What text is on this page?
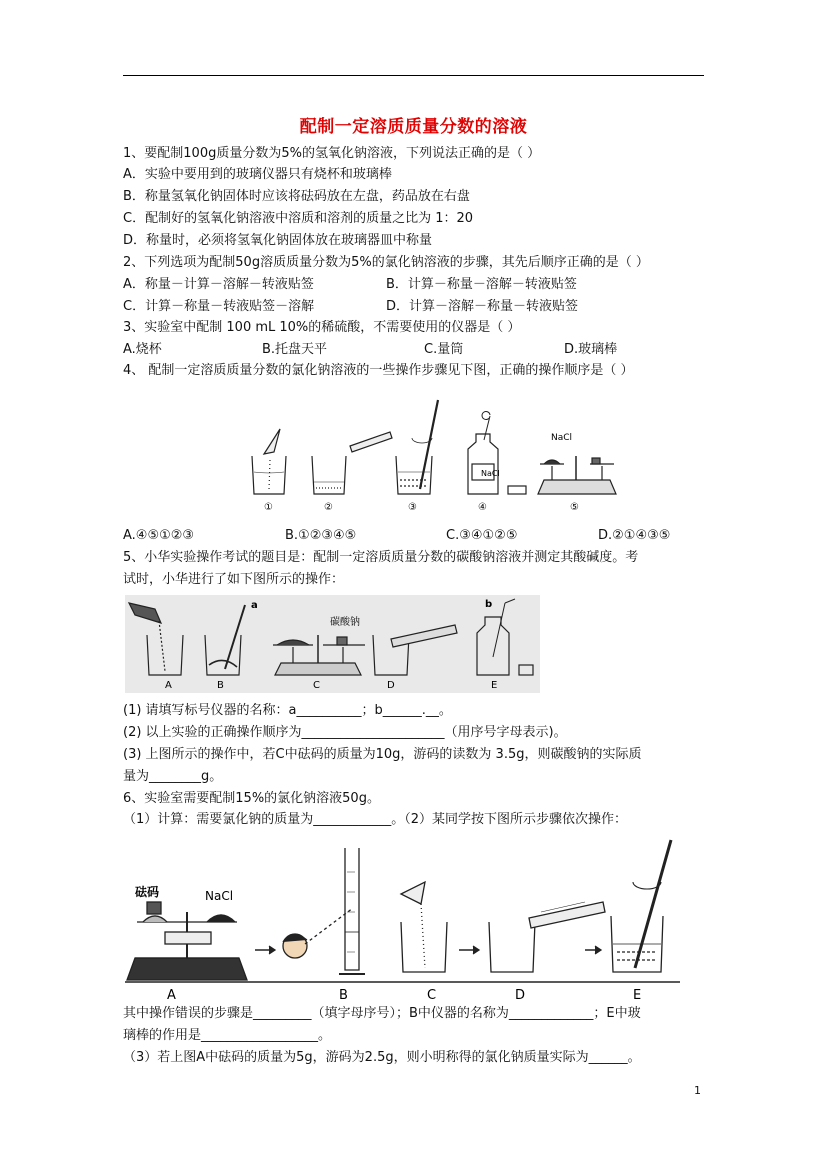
配制一定溶质质量分数的溶液
1、要配制100g质量分数为5%的氢氧化钠溶液，下列说法正确的是（ ）
A．实验中要用到的玻璃仪器只有烧杯和玻璃棒
B．称量氢氧化钠固体时应该将砝码放在左盘，药品放在右盘
C．配制好的氢氧化钠溶液中溶质和溶剂的质量之比为 1：20
D．称量时，必须将氢氧化钠固体放在玻璃器皿中称量
2、下列选项为配制50g溶质质量分数为5%的氯化钠溶液的步骤，其先后顺序正确的是（ ）
A．称量－计算－溶解－转液贴签	B．计算－称量－溶解－转液贴签
C．计算－称量－转液贴签－溶解	D．计算－溶解－称量－转液贴签
3、实验室中配制 100 mL 10%的稀硫酸，不需要使用的仪器是（ ）
A.烧杯	B.托盘天平	C.量筒	D.玻璃棒
4、 配制一定溶质质量分数的氯化钠溶液的一些操作步骤见下图，正确的操作顺序是（ ）
NaCl
NaCl
①	②	③	④	⑤
A.④⑤①②③	B.①②③④⑤	C.③④①②⑤	D.②①④③⑤
5、小华实验操作考试的题目是：配制一定溶质质量分数的碳酸钠溶液并测定其酸碱度。考
试时，小华进行了如下图所示的操作：
a	b
碳酸钠
A	B	C	D	E
(1) 请填写标号仪器的名称：a__________；b______.__。
(2) 以上实验的正确操作顺序为______________________（用序号字母表示)。
(3) 上图所示的操作中，若C中砝码的质量为10g，游码的读数为 3.5g，则碳酸钠的实际质
量为________g。
6、实验室需要配制15%的氯化钠溶液50g。
（1）计算：需要氯化钠的质量为____________。（2）某同学按下图所示步骤依次操作：
砝码	NaCl
A	B	C	D	E
其中操作错误的步骤是_________（填字母序号）；B中仪器的名称为_____________；E中玻
璃棒的作用是__________________。
（3）若上图A中砝码的质量为5g，游码为2.5g，则小明称得的氯化钠质量实际为______。
1
